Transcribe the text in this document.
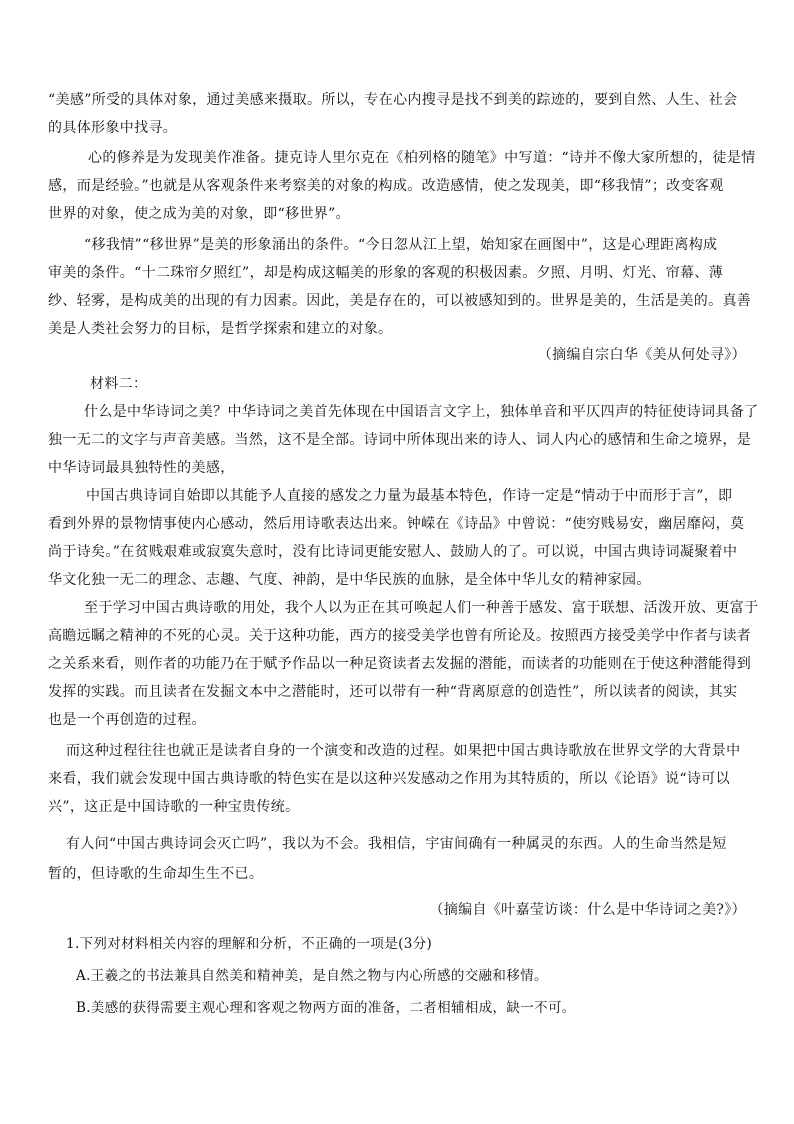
“美感”所受的具体对象，通过美感来摄取。所以，专在心内搜寻是找不到美的踪迹的，要到自然、人生、社会
的具体形象中找寻。
心的修养是为发现美作准备。捷克诗人里尔克在《柏列格的随笔》中写道：“诗并不像大家所想的，徒是情
感，而是经验。”也就是从客观条件来考察美的对象的构成。改造感情，使之发现美，即“移我情”；改变客观
世界的对象，使之成为美的对象，即“移世界”。
“移我情”“移世界”是美的形象涌出的条件。“今日忽从江上望，始知家在画图中”，这是心理距离构成
审美的条件。“十二珠帘夕照红”，却是构成这幅美的形象的客观的积极因素。夕照、月明、灯光、帘幕、薄
纱、轻雾，是构成美的出现的有力因素。因此，美是存在的，可以被感知到的。世界是美的，生活是美的。真善
美是人类社会努力的目标，是哲学探索和建立的对象。
（摘编自宗白华《美从何处寻》）
材料二：
什么是中华诗词之美？中华诗词之美首先体现在中国语言文字上，独体单音和平仄四声的特征使诗词具备了
独一无二的文字与声音美感。当然，这不是全部。诗词中所体现出来的诗人、词人内心的感情和生命之境界，是
中华诗词最具独特性的美感，
中国古典诗词自始即以其能予人直接的感发之力量为最基本特色，作诗一定是“情动于中而形于言”，即
看到外界的景物情事使内心感动，然后用诗歌表达出来。钟嵘在《诗品》中曾说：“使穷贱易安，幽居靡闷，莫
尚于诗矣。”在贫贱艰难或寂寞失意时，没有比诗词更能安慰人、鼓励人的了。可以说，中国古典诗词凝聚着中
华文化独一无二的理念、志趣、气度、神韵，是中华民族的血脉，是全体中华儿女的精神家园。
至于学习中国古典诗歌的用处，我个人以为正在其可唤起人们一种善于感发、富于联想、活泼开放、更富于
高瞻远瞩之精神的不死的心灵。关于这种功能，西方的接受美学也曾有所论及。按照西方接受美学中作者与读者
之关系来看，则作者的功能乃在于赋予作品以一种足资读者去发掘的潜能，而读者的功能则在于使这种潜能得到
发挥的实践。而且读者在发掘文本中之潜能时，还可以带有一种“背离原意的创造性”，所以读者的阅读，其实
也是一个再创造的过程。
而这种过程往往也就正是读者自身的一个演变和改造的过程。如果把中国古典诗歌放在世界文学的大背景中
来看，我们就会发现中国古典诗歌的特色实在是以这种兴发感动之作用为其特质的，所以《论语》说“诗可以
兴”，这正是中国诗歌的一种宝贵传统。
有人问“中国古典诗词会灭亡吗”，我以为不会。我相信，宇宙间确有一种属灵的东西。人的生命当然是短
暂的，但诗歌的生命却生生不已。
（摘编自《叶嘉莹访谈：什么是中华诗词之美?》）
1.下列对材料相关内容的理解和分析，不正确的一项是(3分)
A.王羲之的书法兼具自然美和精神美，是自然之物与内心所感的交融和移情。
B.美感的获得需要主观心理和客观之物两方面的准备，二者相辅相成，缺一不可。
